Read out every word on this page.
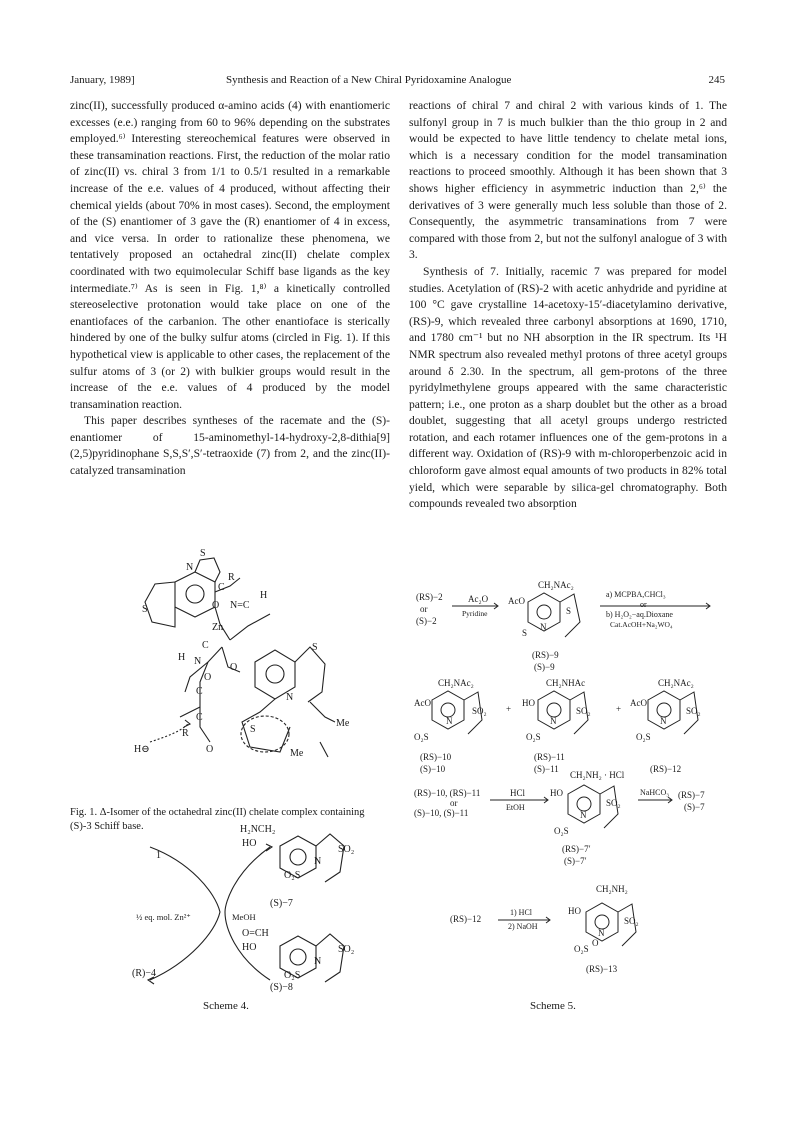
January, 1989]	Synthesis and Reaction of a New Chiral Pyridoxamine Analogue	245

zinc(II), successfully produced α-amino acids (4) with enantiomeric excesses (e.e.) ranging from 60 to 96% depending on the substrates employed.⁶⁾ Interesting stereochemical features were observed in these transamination reactions. First, the reduction of the molar ratio of zinc(II) vs. chiral 3 from 1/1 to 0.5/1 resulted in a remarkable increase of the e.e. values of 4 produced, without affecting their chemical yields (about 70% in most cases). Second, the employment of the (S) enantiomer of 3 gave the (R) enantiomer of 4 in excess, and vice versa. In order to rationalize these phenomena, we tentatively proposed an octahedral zinc(II) chelate complex coordinated with two equimolecular Schiff base ligands as the key intermediate.⁷⁾ As is seen in Fig. 1,⁸⁾ a kinetically controlled stereoselective protonation would take place on one of the enantiofaces of the carbanion. The other enantioface is sterically hindered by one of the bulky sulfur atoms (circled in Fig. 1). If this hypothetical view is applicable to other cases, the replacement of the sulfur atoms of 3 (or 2) with bulkier groups would result in the increase of the e.e. values of 4 produced by the model transamination reaction.

This paper describes syntheses of the racemate and the (S)-enantiomer of 15-aminomethyl-14-hydroxy-2,8-dithia[9](2,5)pyridinophane S,S,S′,S′-tetraoxide (7) from 2, and the zinc(II)-catalyzed transamination

reactions of chiral 7 and chiral 2 with various kinds of 1. The sulfonyl group in 7 is much bulkier than the thio group in 2 and would be expected to have little tendency to chelate metal ions, which is a necessary condition for the model transamination reactions to proceed smoothly. Although it has been shown that 3 shows higher efficiency in asymmetric induction than 2,⁶⁾ the derivatives of 3 were generally much less soluble than those of 2. Consequently, the asymmetric transaminations from 7 were compared with those from 2, but not the sulfonyl analogue of 3 with 3.

Synthesis of 7. Initially, racemic 7 was prepared for model studies. Acetylation of (RS)-2 with acetic anhydride and pyridine at 100 °C gave crystalline 14-acetoxy-15′-diacetylamino derivative, (RS)-9, which revealed three carbonyl absorptions at 1690, 1710, and 1780 cm⁻¹ but no NH absorption in the IR spectrum. Its ¹H NMR spectrum also revealed methyl protons of three acetyl groups around δ 2.30. In the spectrum, all gem-protons of the three pyridylmethylene groups appeared with the same characteristic pattern; i.e., one proton as a sharp doublet but the other as a broad doublet, suggesting that all acetyl groups undergo restricted rotation, and each rotamer influences one of the gem-protons in a different way. Oxidation of (RS)-9 with m-chloroperbenzoic acid in chloroform gave almost equal amounts of two products in 82% total yield, which were separable by silica-gel chromatography. Both compounds revealed two absorption

S
N
C
R
O N=C
H
Zn
O
S
H N
C	S
C
O
H⊖
R
C
O
N
S
Me
Me
Fig. 1. Δ-Isomer of the octahedral zinc(II) chelate complex containing (S)-3 Schiff base.	H₂NCH₂
HO
SO₂
O₂S
N
(S)−7
1
½ eq. mol. Zn²⁺	MeOH
O=CH
HO	SO₂
O₂S
N
(S)−8
(R)−4
Scheme 4.
(RS)−2
or
(S)−2
Ac₂O
Pyridine
CH₂NAc₂
AcO
N
S
S
(RS)−9
(S)−9
a) MCPBA,CHCl₃
or
b) H₂O₂−aq.Dioxane
Cat.AcOH+Na₂WO₄
CH₂NAc₂
AcO
SO₂
N
O₂S
(RS)−10
(S)−10
+
CH₂NHAc
HO
SO₂
N
O₂S
(RS)−11
(S)−11
+
CH₂NAc₂
AcO
SO₂
N
O₂S
(RS)−12
(RS)−10, (RS)−11
or
(S)−10, (S)−11
HCl
EtOH
CH₂NH₂ · HCl
HO
SO₂
N
O₂S
(RS)−7′
(S)−7′
NaHCO₃ (RS)−7
(S)−7
(RS)−12
1) HCl
2) NaOH
CH₂NH₂
HO
SO₂
N
O₂S
O
(RS)−13
Scheme 5.
